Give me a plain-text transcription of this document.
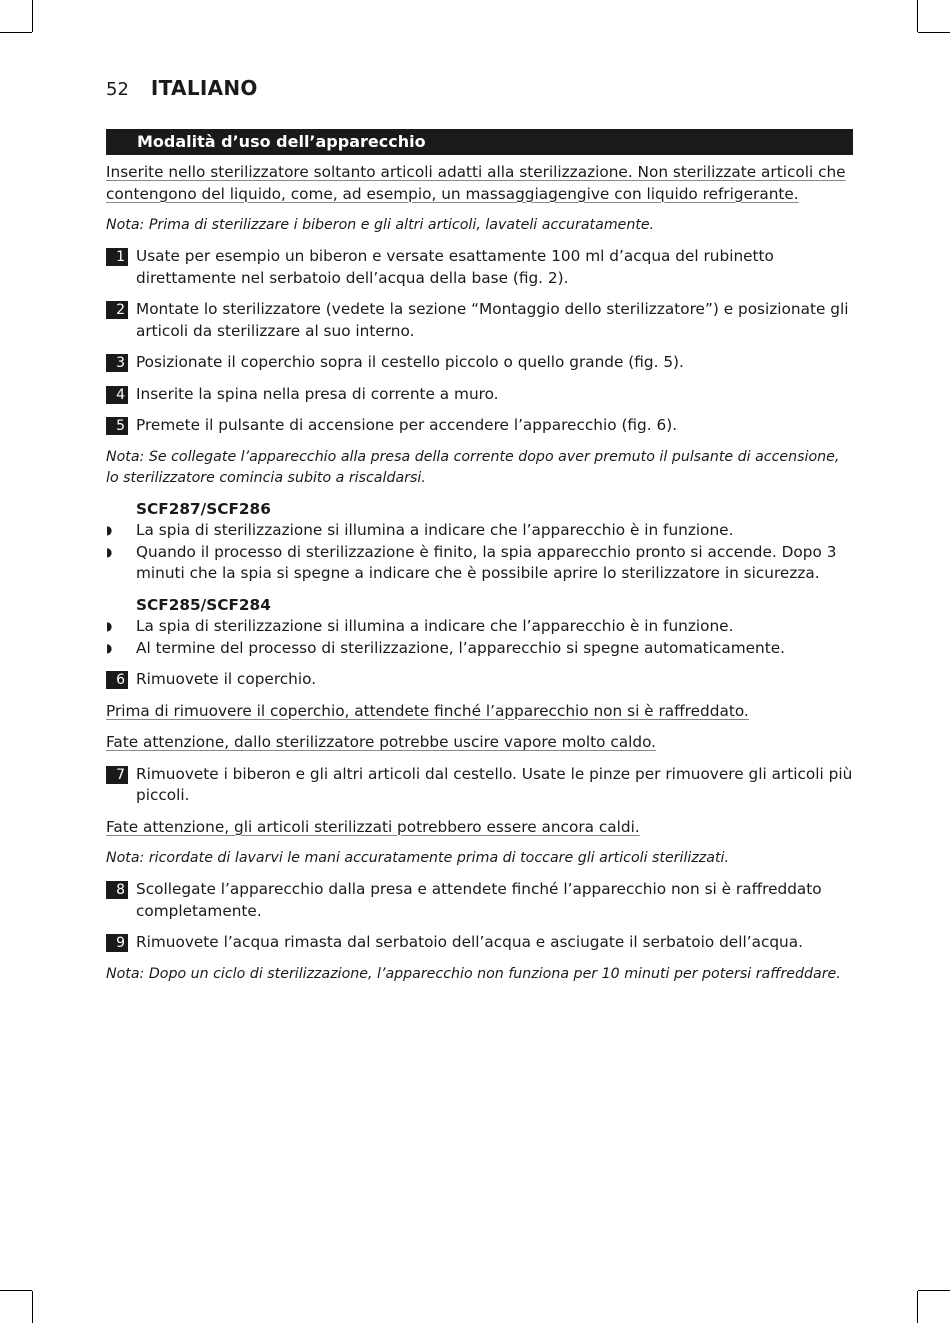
52 ITALIANO
Modalità d’uso dell’apparecchio

Inserite nello sterilizzatore soltanto articoli adatti alla sterilizzazione. Non sterilizzate articoli che contengono del liquido, come, ad esempio, un massaggiagengive con liquido refrigerante.

Nota: Prima di sterilizzare i biberon e gli altri articoli, lavateli accuratamente.

1 Usate per esempio un biberon e versate esattamente 100 ml d’acqua del rubinetto direttamente nel serbatoio dell’acqua della base (fig. 2).
2 Montate lo sterilizzatore (vedete la sezione “Montaggio dello sterilizzatore”) e posizionate gli articoli da sterilizzare al suo interno.
3 Posizionate il coperchio sopra il cestello piccolo o quello grande (fig. 5).
4 Inserite la spina nella presa di corrente a muro.
5 Premete il pulsante di accensione per accendere l’apparecchio (fig. 6).

Nota: Se collegate l’apparecchio alla presa della corrente dopo aver premuto il pulsante di accensione, lo sterilizzatore comincia subito a riscaldarsi.

SCF287/SCF286
◗	La spia di sterilizzazione si illumina a indicare che l’apparecchio è in funzione.
◗	Quando il processo di sterilizzazione è finito, la spia apparecchio pronto si accende. Dopo 3 minuti che la spia si spegne a indicare che è possibile aprire lo sterilizzatore in sicurezza.
SCF285/SCF284
◗	La spia di sterilizzazione si illumina a indicare che l’apparecchio è in funzione.
◗	Al termine del processo di sterilizzazione, l’apparecchio si spegne automaticamente.
6 Rimuovete il coperchio.

Prima di rimuovere il coperchio, attendete finché l’apparecchio non si è raffreddato.

Fate attenzione, dallo sterilizzatore potrebbe uscire vapore molto caldo.

7 Rimuovete i biberon e gli altri articoli dal cestello. Usate le pinze per rimuovere gli articoli più piccoli.

Fate attenzione, gli articoli sterilizzati potrebbero essere ancora caldi.

Nota: ricordate di lavarvi le mani accuratamente prima di toccare gli articoli sterilizzati.

8 Scollegate l’apparecchio dalla presa e attendete finché l’apparecchio non si è raffreddato completamente.
9 Rimuovete l’acqua rimasta dal serbatoio dell’acqua e asciugate il serbatoio dell’acqua.

Nota: Dopo un ciclo di sterilizzazione, l’apparecchio non funziona per 10 minuti per potersi raffreddare.
